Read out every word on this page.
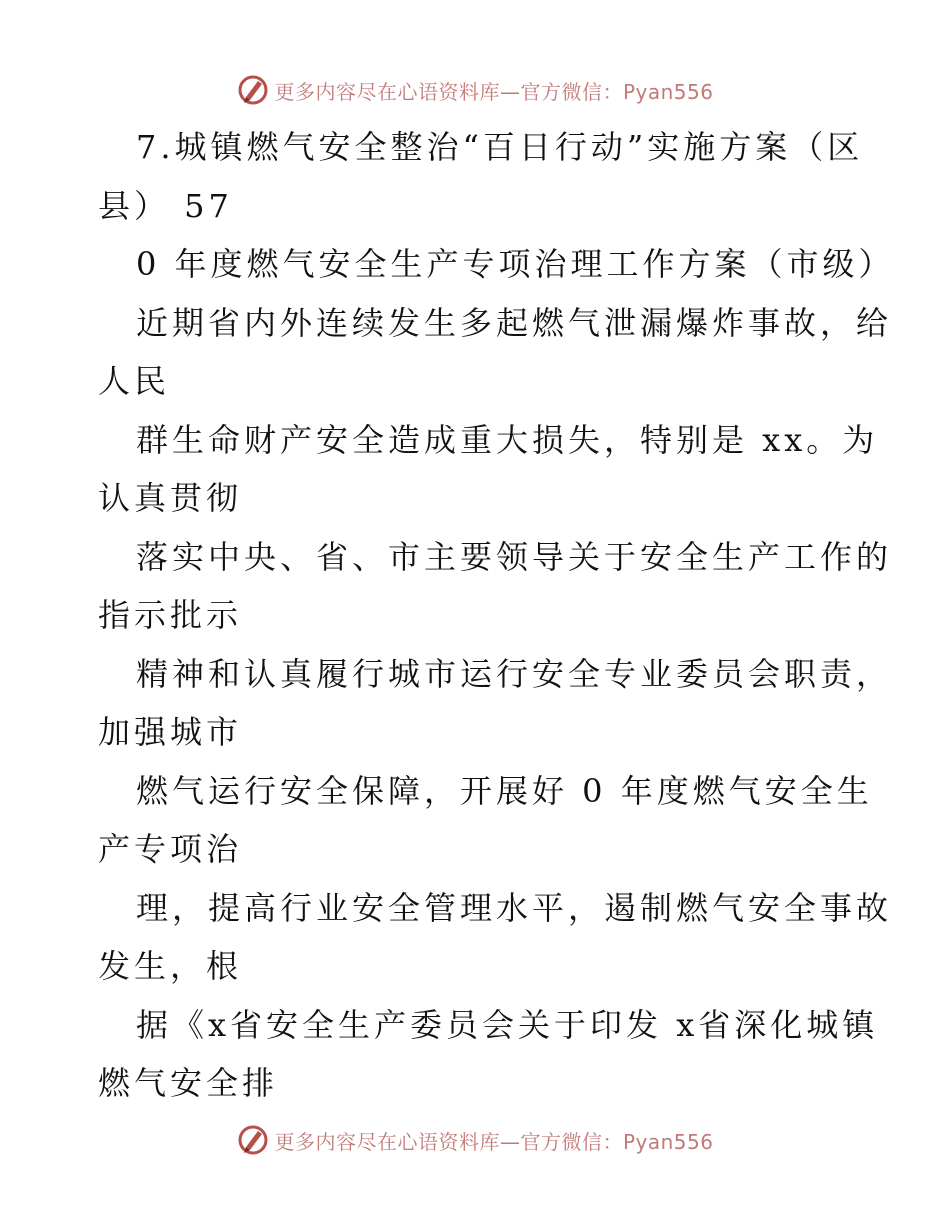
更多内容尽在心语资料库—官方微信：Pyan556
7.城镇燃气安全整治“百日行动”实施方案（区
县） 57
0 年度燃气安全生产专项治理工作方案（市级）
近期省内外连续发生多起燃气泄漏爆炸事故，给
人民
群生命财产安全造成重大损失，特别是 xx。为
认真贯彻
落实中央、省、市主要领导关于安全生产工作的
指示批示
精神和认真履行城市运行安全专业委员会职责，
加强城市
燃气运行安全保障，开展好 0 年度燃气安全生
产专项治
理，提高行业安全管理水平，遏制燃气安全事故
发生，根
据《x省安全生产委员会关于印发 x省深化城镇
燃气安全排
更多内容尽在心语资料库—官方微信：Pyan556
